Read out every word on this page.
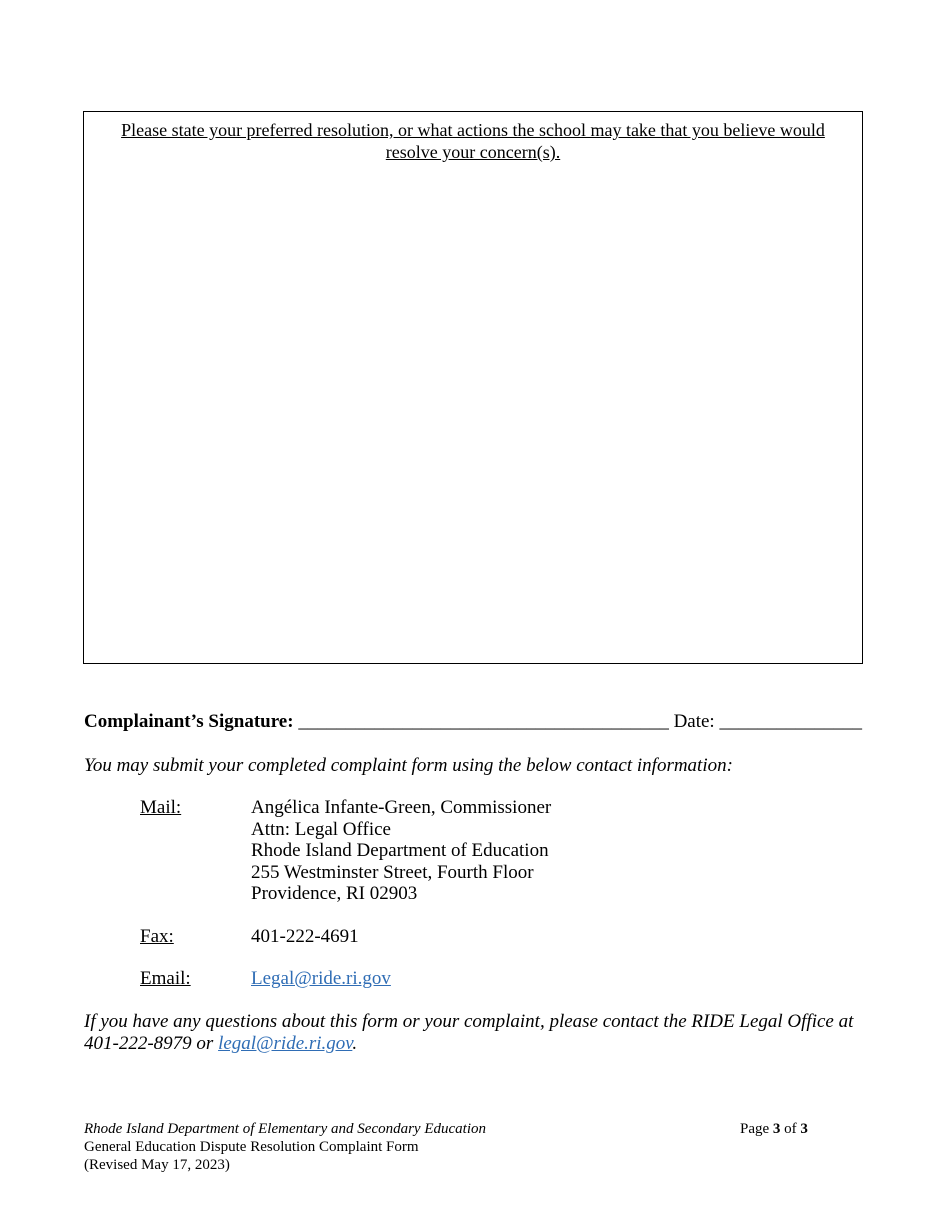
Please state your preferred resolution, or what actions the school may take that you believe would resolve your concern(s).
Complainant’s Signature: _______________________________________ Date: _______________
You may submit your completed complaint form using the below contact information:
Mail:	Angélica Infante-Green, Commissioner
Attn: Legal Office
Rhode Island Department of Education
255 Westminster Street, Fourth Floor
Providence, RI 02903
Fax:	401-222-4691
Email:	Legal@ride.ri.gov
If you have any questions about this form or your complaint, please contact the RIDE Legal Office at 401-222-8979 or legal@ride.ri.gov.
Rhode Island Department of Elementary and Secondary Education
General Education Dispute Resolution Complaint Form
(Revised May 17, 2023)
Page 3 of 3
